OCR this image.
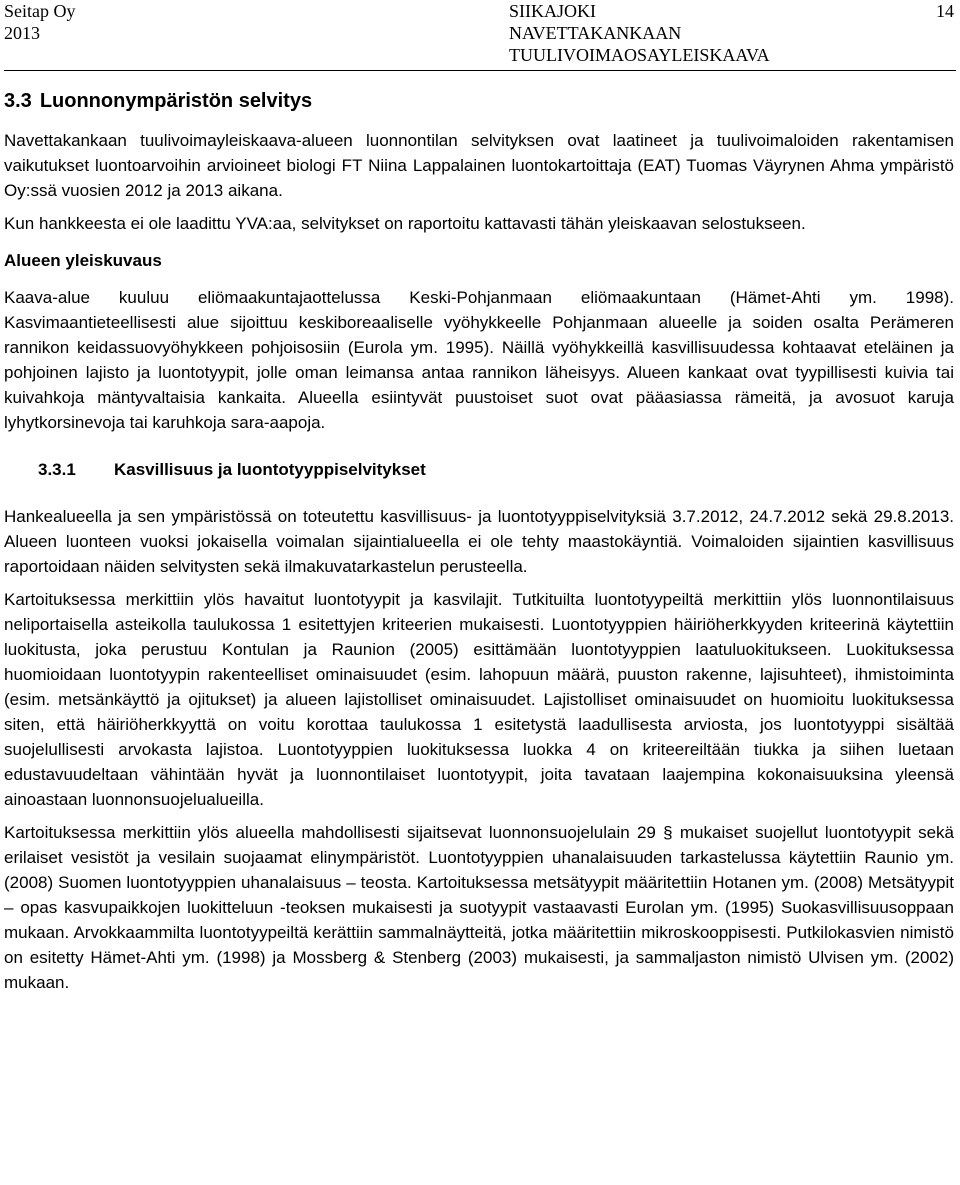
Seitap Oy
2013
SIIKAJOKI
NAVETTAKANKAAN
TUULIVOIMAOSAYLEISKAAVA
14
3.3 Luonnonympäristön selvitys

Navettakankaan tuulivoimayleiskaava-alueen luonnontilan selvityksen ovat laatineet ja tuulivoimaloiden rakentamisen vaikutukset luontoarvoihin arvioineet biologi FT Niina Lappalainen luontokartoittaja (EAT) Tuomas Väyrynen Ahma ympäristö Oy:ssä vuosien 2012 ja 2013 aikana.

Kun hankkeesta ei ole laadittu YVA:aa, selvitykset on raportoitu kattavasti tähän yleiskaavan selostukseen.

Alueen yleiskuvaus

Kaava-alue kuuluu eliömaakuntajaottelussa Keski-Pohjanmaan eliömaakuntaan (Hämet-Ahti ym. 1998). Kasvimaantieteellisesti alue sijoittuu keskiboreaaliselle vyöhykkeelle Pohjanmaan alueelle ja soiden osalta Perämeren rannikon keidassuovyöhykkeen pohjoisosiin (Eurola ym. 1995). Näillä vyöhykkeillä kasvillisuudessa kohtaavat eteläinen ja pohjoinen lajisto ja luontotyypit, jolle oman leimansa antaa rannikon läheisyys. Alueen kankaat ovat tyypillisesti kuivia tai kuivahkoja mäntyvaltaisia kankaita. Alueella esiintyvät puustoiset suot ovat pääasiassa rämeitä, ja avosuot karuja lyhytkorsinevoja tai karuhkoja sara-aapoja.

3.3.1 Kasvillisuus ja luontotyyppiselvitykset

Hankealueella ja sen ympäristössä on toteutettu kasvillisuus- ja luontotyyppiselvityksiä 3.7.2012, 24.7.2012 sekä 29.8.2013. Alueen luonteen vuoksi jokaisella voimalan sijaintialueella ei ole tehty maastokäyntiä. Voimaloiden sijaintien kasvillisuus raportoidaan näiden selvitysten sekä ilmakuvatarkastelun perusteella.

Kartoituksessa merkittiin ylös havaitut luontotyypit ja kasvilajit. Tutkituilta luontotyypeiltä merkittiin ylös luonnontilaisuus neliportaisella asteikolla taulukossa 1 esitettyjen kriteerien mukaisesti. Luontotyyppien häiriöherkkyyden kriteerinä käytettiin luokitusta, joka perustuu Kontulan ja Raunion (2005) esittämään luontotyyppien laatuluokitukseen. Luokituksessa huomioidaan luontotyypin rakenteelliset ominaisuudet (esim. lahopuun määrä, puuston rakenne, lajisuhteet), ihmistoiminta (esim. metsänkäyttö ja ojitukset) ja alueen lajistolliset ominaisuudet. Lajistolliset ominaisuudet on huomioitu luokituksessa siten, että häiriöherkkyyttä on voitu korottaa taulukossa 1 esitetystä laadullisesta arviosta, jos luontotyyppi sisältää suojelullisesti arvokasta lajistoa. Luontotyyppien luokituksessa luokka 4 on kriteereiltään tiukka ja siihen luetaan edustavuudeltaan vähintään hyvät ja luonnontilaiset luontotyypit, joita tavataan laajempina kokonaisuuksina yleensä ainoastaan luonnonsuojelualueilla.

Kartoituksessa merkittiin ylös alueella mahdollisesti sijaitsevat luonnonsuojelulain 29 § mukaiset suojellut luontotyypit sekä erilaiset vesistöt ja vesilain suojaamat elinympäristöt. Luontotyyppien uhanalaisuuden tarkastelussa käytettiin Raunio ym. (2008) Suomen luontotyyppien uhanalaisuus – teosta. Kartoituksessa metsätyypit määritettiin Hotanen ym. (2008) Metsätyypit – opas kasvupaikkojen luokitteluun -teoksen mukaisesti ja suotyypit vastaavasti Eurolan ym. (1995) Suokasvillisuusoppaan mukaan. Arvokkaammilta luontotyypeiltä kerättiin sammalnäytteitä, jotka määritettiin mikroskooppisesti. Putkilokasvien nimistö on esitetty Hämet-Ahti ym. (1998) ja Mossberg & Stenberg (2003) mukaisesti, ja sammaljaston nimistö Ulvisen ym. (2002) mukaan.
